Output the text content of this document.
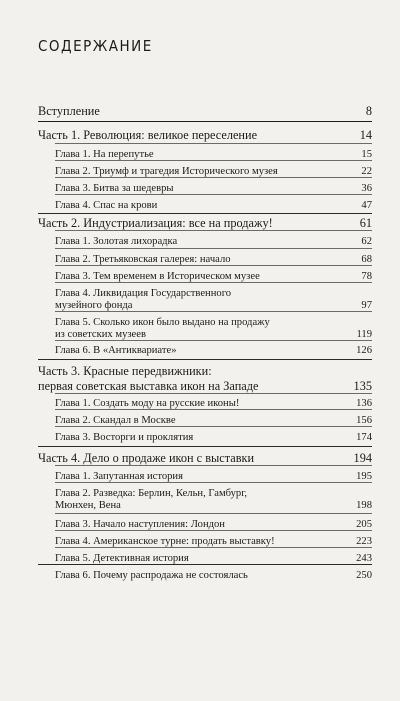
СОДЕРЖАНИЕ
Вступление	8
Часть 1. Революция: великое переселение	14
Глава 1. На перепутье	15
Глава 2. Триумф и трагедия Исторического музея	22
Глава 3. Битва за шедевры	36
Глава 4. Спас на крови	47
Часть 2. Индустриализация: все на продажу!	61
Глава 1. Золотая лихорадка	62
Глава 2. Третьяковская галерея: начало	68
Глава 3. Тем временем в Историческом музее	78
Глава 4. Ликвидация Государственного
музейного фонда	97
Глава 5. Сколько икон было выдано на продажу
из советских музеев	119
Глава 6. В «Антиквариате»	126
Часть 3. Красные передвижники:
первая советская выставка икон на Западе	135
Глава 1. Создать моду на русские иконы!	136
Глава 2. Скандал в Москве	156
Глава 3. Восторги и проклятия	174
Часть 4. Дело о продаже икон с выставки	194
Глава 1. Запутанная история	195
Глава 2. Разведка: Берлин, Кельн, Гамбург,
Мюнхен, Вена	198
Глава 3. Начало наступления: Лондон	205
Глава 4. Американское турне: продать выставку!	223
Глава 5. Детективная история	243
Глава 6. Почему распродажа не состоялась	250
